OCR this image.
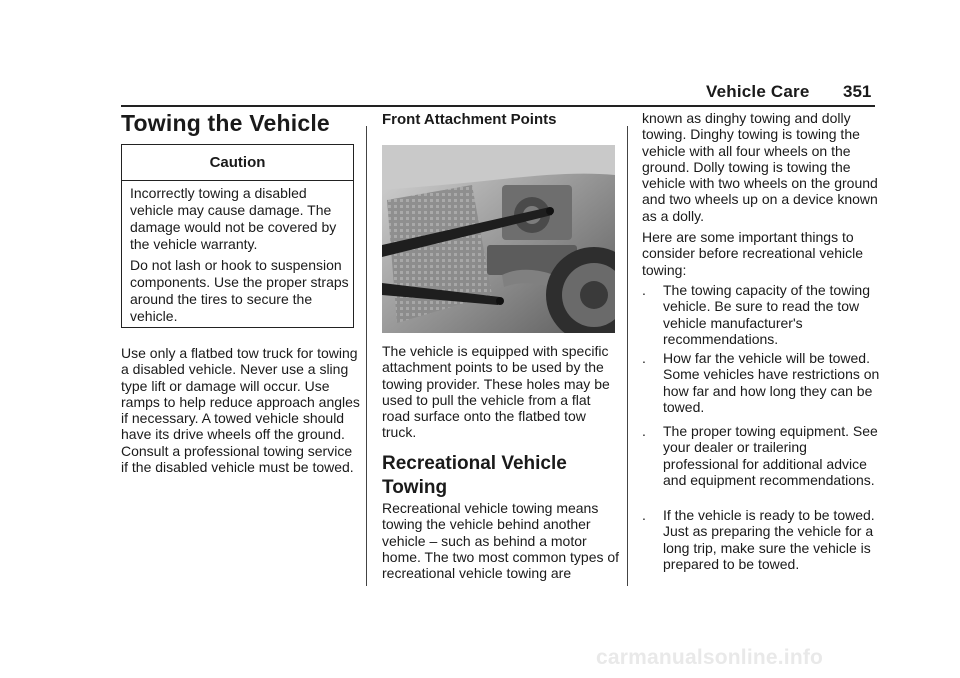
Vehicle Care 351
Towing the Vehicle
Caution
Incorrectly towing a disabled vehicle may cause damage. The damage would not be covered by the vehicle warranty.
Do not lash or hook to suspension components. Use the proper straps around the tires to secure the vehicle.
Use only a flatbed tow truck for towing a disabled vehicle. Never use a sling type lift or damage will occur. Use ramps to help reduce approach angles if necessary. A towed vehicle should have its drive wheels off the ground.
Consult a professional towing service if the disabled vehicle must be towed.
Front Attachment Points
The vehicle is equipped with specific attachment points to be used by the towing provider. These holes may be used to pull the vehicle from a flat road surface onto the flatbed tow truck.
Recreational Vehicle Towing
Recreational vehicle towing means towing the vehicle behind another vehicle – such as behind a motor home. The two most common types of recreational vehicle towing are
known as dinghy towing and dolly towing. Dinghy towing is towing the vehicle with all four wheels on the ground. Dolly towing is towing the vehicle with two wheels on the ground and two wheels up on a device known as a dolly.
Here are some important things to consider before recreational vehicle towing:
. The towing capacity of the towing vehicle. Be sure to read the tow vehicle manufacturer's recommendations.
. How far the vehicle will be towed. Some vehicles have restrictions on how far and how long they can be towed.
. The proper towing equipment. See your dealer or trailering professional for additional advice and equipment recommendations.
. If the vehicle is ready to be towed. Just as preparing the vehicle for a long trip, make sure the vehicle is prepared to be towed.
carmanualsonline.info
